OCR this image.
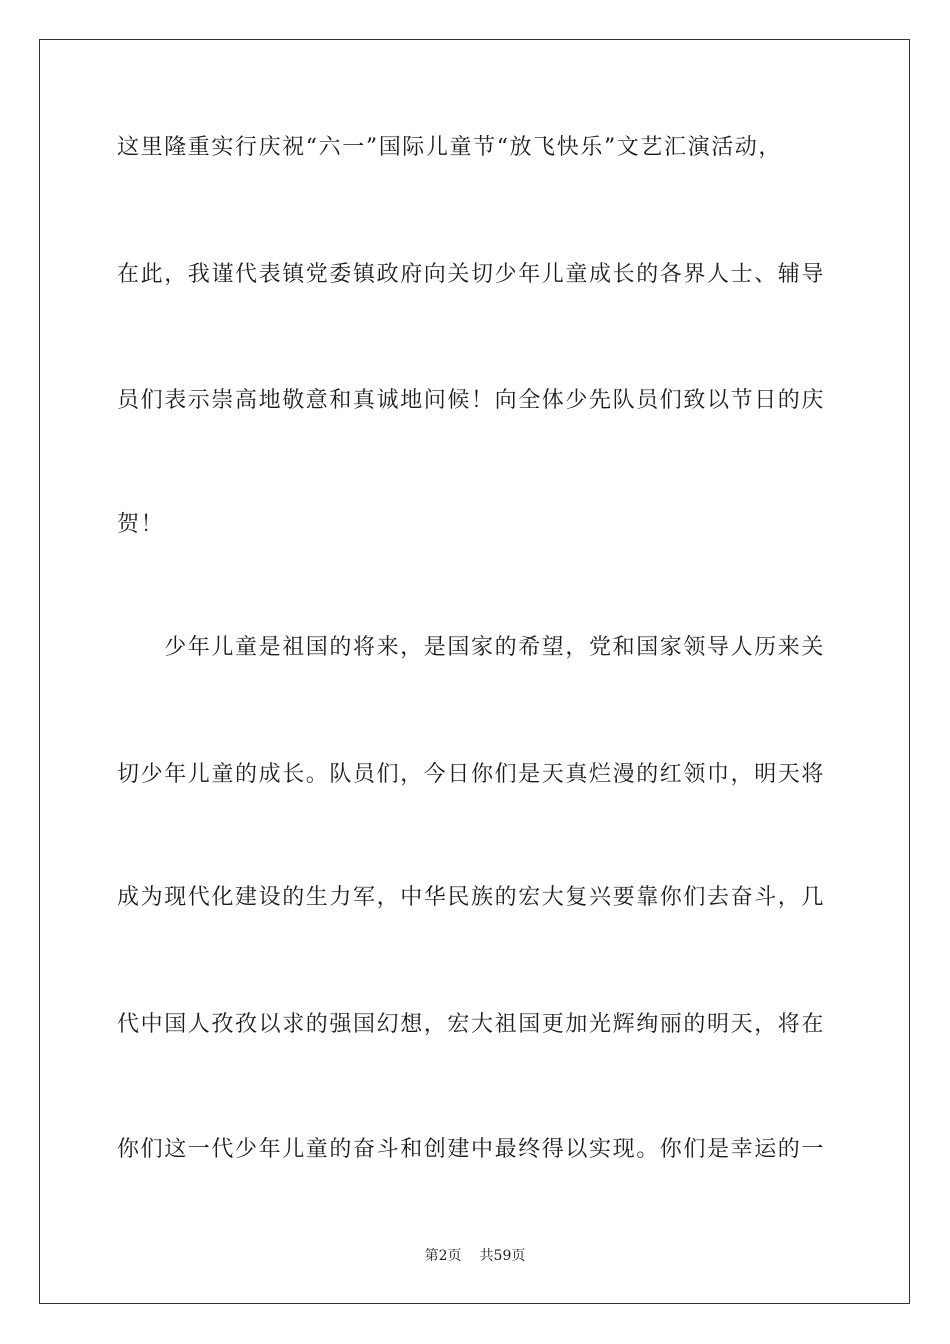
这里隆重实行庆祝“六一”国际儿童节“放飞快乐”文艺汇演活动，
在此，我谨代表镇党委镇政府向关切少年儿童成长的各界人士、辅导
员们表示崇高地敬意和真诚地问候！向全体少先队员们致以节日的庆
贺！
　　少年儿童是祖国的将来，是国家的希望，党和国家领导人历来关
切少年儿童的成长。队员们，今日你们是天真烂漫的红领巾，明天将
成为现代化建设的生力军，中华民族的宏大复兴要靠你们去奋斗，几
代中国人孜孜以求的强国幻想，宏大祖国更加光辉绚丽的明天，将在
你们这一代少年儿童的奋斗和创建中最终得以实现。你们是幸运的一
第2页 共59页
